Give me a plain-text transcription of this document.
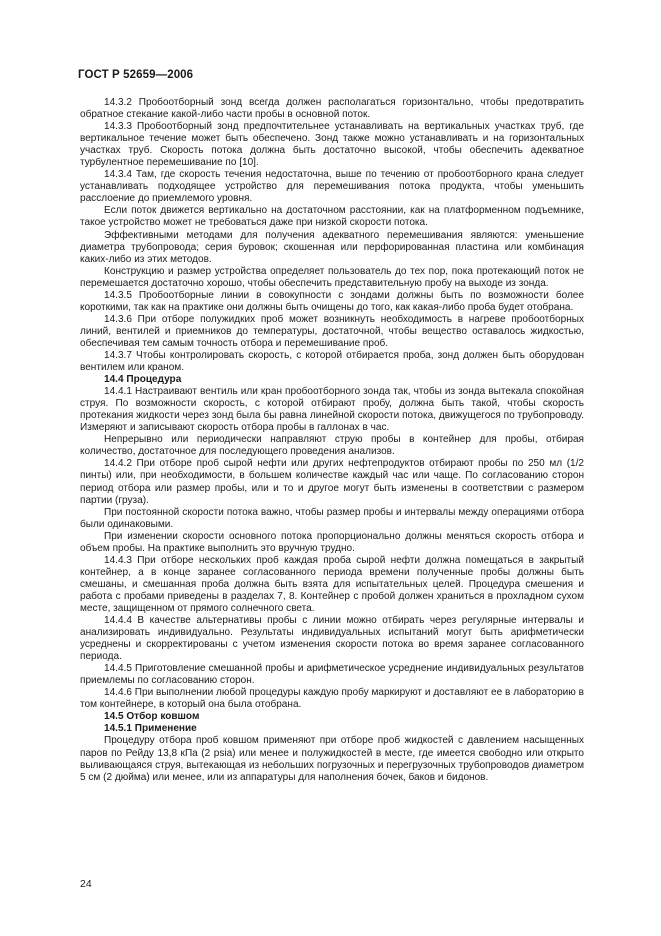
ГОСТ Р 52659—2006

14.3.2 Пробоотборный зонд всегда должен располагаться горизонтально, чтобы предотвратить обратное стекание какой-либо части пробы в основной поток.

14.3.3 Пробоотборный зонд предпочтительнее устанавливать на вертикальных участках труб, где вертикальное течение может быть обеспечено. Зонд также можно устанавливать и на горизонтальных участках труб. Скорость потока должна быть достаточно высокой, чтобы обеспечить адекватное турбулентное перемешивание по [10].

14.3.4 Там, где скорость течения недостаточна, выше по течению от пробоотборного крана следует устанавливать подходящее устройство для перемешивания потока продукта, чтобы уменьшить расслоение до приемлемого уровня.

Если поток движется вертикально на достаточном расстоянии, как на платформенном подъемнике, такое устройство может не требоваться даже при низкой скорости потока.

Эффективными методами для получения адекватного перемешивания являются: уменьшение диаметра трубопровода; серия буровок; скошенная или перфорированная пластина или комбинация каких-либо из этих методов.

Конструкцию и размер устройства определяет пользователь до тех пор, пока протекающий поток не перемешается достаточно хорошо, чтобы обеспечить представительную пробу на выходе из зонда.

14.3.5 Пробоотборные линии в совокупности с зондами должны быть по возможности более короткими, так как на практике они должны быть очищены до того, как какая-либо проба будет отобрана.

14.3.6 При отборе полужидких проб может возникнуть необходимость в нагреве пробоотборных линий, вентилей и приемников до температуры, достаточной, чтобы вещество оставалось жидкостью, обеспечивая тем самым точность отбора и перемешивание проб.

14.3.7 Чтобы контролировать скорость, с которой отбирается проба, зонд должен быть оборудован вентилем или краном.

14.4 Процедура

14.4.1 Настраивают вентиль или кран пробоотборного зонда так, чтобы из зонда вытекала спокойная струя. По возможности скорость, с которой отбирают пробу, должна быть такой, чтобы скорость протекания жидкости через зонд была бы равна линейной скорости потока, движущегося по трубопроводу. Измеряют и записывают скорость отбора пробы в галлонах в час.

Непрерывно или периодически направляют струю пробы в контейнер для пробы, отбирая количество, достаточное для последующего проведения анализов.

14.4.2 При отборе проб сырой нефти или других нефтепродуктов отбирают пробы по 250 мл (1/2 пинты) или, при необходимости, в большем количестве каждый час или чаще. По согласованию сторон период отбора или размер пробы, или и то и другое могут быть изменены в соответствии с размером партии (груза).

При постоянной скорости потока важно, чтобы размер пробы и интервалы между операциями отбора были одинаковыми.

При изменении скорости основного потока пропорционально должны меняться скорость отбора и объем пробы. На практике выполнить это вручную трудно.

14.4.3 При отборе нескольких проб каждая проба сырой нефти должна помещаться в закрытый контейнер, а в конце заранее согласованного периода времени полученные пробы должны быть смешаны, и смешанная проба должна быть взята для испытательных целей. Процедура смешения и работа с пробами приведены в разделах 7, 8. Контейнер с пробой должен храниться в прохладном сухом месте, защищенном от прямого солнечного света.

14.4.4 В качестве альтернативы пробы с линии можно отбирать через регулярные интервалы и анализировать индивидуально. Результаты индивидуальных испытаний могут быть арифметически усреднены и скорректированы с учетом изменения скорости потока во время заранее согласованного периода.

14.4.5 Приготовление смешанной пробы и арифметическое усреднение индивидуальных результатов приемлемы по согласованию сторон.

14.4.6 При выполнении любой процедуры каждую пробу маркируют и доставляют ее в лабораторию в том контейнере, в который она была отобрана.

14.5 Отбор ковшом

14.5.1 Применение

Процедуру отбора проб ковшом применяют при отборе проб жидкостей с давлением насыщенных паров по Рейду 13,8 кПа (2 psia) или менее и полужидкостей в месте, где имеется свободно или открыто выливающаяся струя, вытекающая из небольших погрузочных и перегрузочных трубопроводов диаметром 5 см (2 дюйма) или менее, или из аппаратуры для наполнения бочек, баков и бидонов.

24
